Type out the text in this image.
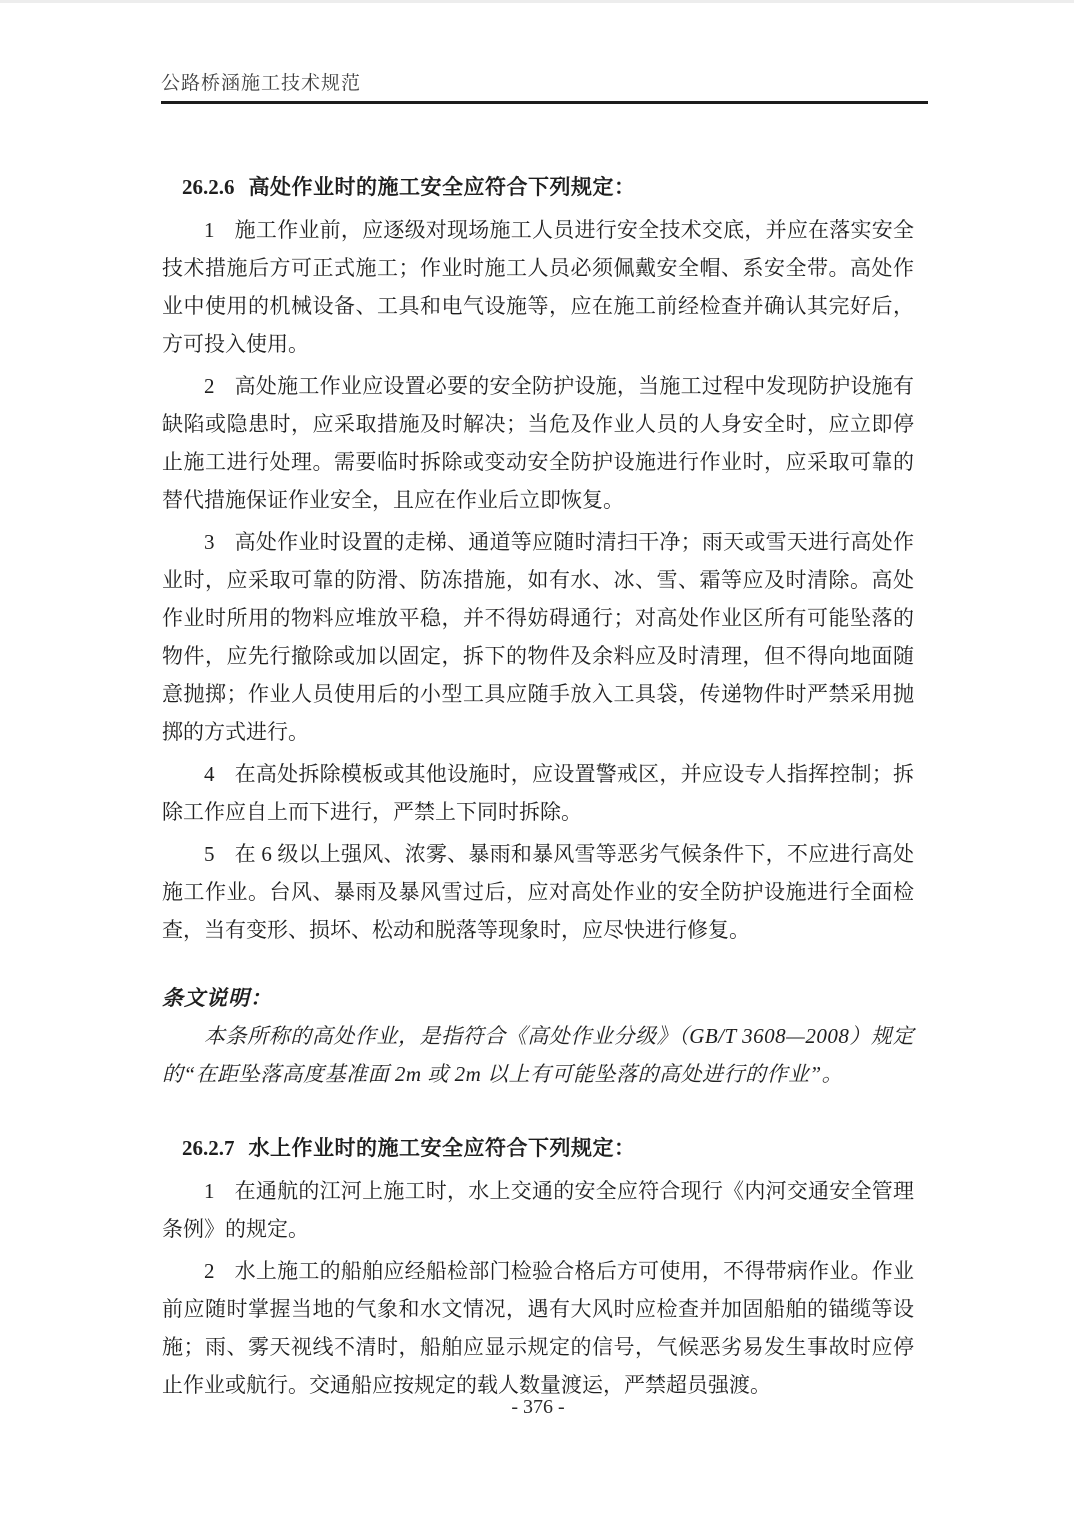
公路桥涵施工技术规范
26.2.6 高处作业时的施工安全应符合下列规定：

1 施工作业前，应逐级对现场施工人员进行安全技术交底，并应在落实安全技术措施后方可正式施工；作业时施工人员必须佩戴安全帽、系安全带。高处作业中使用的机械设备、工具和电气设施等，应在施工前经检查并确认其完好后，方可投入使用。

2 高处施工作业应设置必要的安全防护设施，当施工过程中发现防护设施有缺陷或隐患时，应采取措施及时解决；当危及作业人员的人身安全时，应立即停止施工进行处理。需要临时拆除或变动安全防护设施进行作业时，应采取可靠的替代措施保证作业安全，且应在作业后立即恢复。

3 高处作业时设置的走梯、通道等应随时清扫干净；雨天或雪天进行高处作业时，应采取可靠的防滑、防冻措施，如有水、冰、雪、霜等应及时清除。高处作业时所用的物料应堆放平稳，并不得妨碍通行；对高处作业区所有可能坠落的物件，应先行撤除或加以固定，拆下的物件及余料应及时清理，但不得向地面随意抛掷；作业人员使用后的小型工具应随手放入工具袋，传递物件时严禁采用抛掷的方式进行。

4 在高处拆除模板或其他设施时，应设置警戒区，并应设专人指挥控制；拆除工作应自上而下进行，严禁上下同时拆除。

5 在 6 级以上强风、浓雾、暴雨和暴风雪等恶劣气候条件下，不应进行高处施工作业。台风、暴雨及暴风雪过后，应对高处作业的安全防护设施进行全面检查，当有变形、损坏、松动和脱落等现象时，应尽快进行修复。

条文说明：

本条所称的高处作业，是指符合《高处作业分级》（GB/T 3608—2008）规定的“在距坠落高度基准面 2m 或 2m 以上有可能坠落的高处进行的作业”。

26.2.7 水上作业时的施工安全应符合下列规定：

1 在通航的江河上施工时，水上交通的安全应符合现行《内河交通安全管理条例》的规定。

2 水上施工的船舶应经船检部门检验合格后方可使用，不得带病作业。作业前应随时掌握当地的气象和水文情况，遇有大风时应检查并加固船舶的锚缆等设施；雨、雾天视线不清时，船舶应显示规定的信号，气候恶劣易发生事故时应停止作业或航行。交通船应按规定的载人数量渡运，严禁超员强渡。

- 376 -
